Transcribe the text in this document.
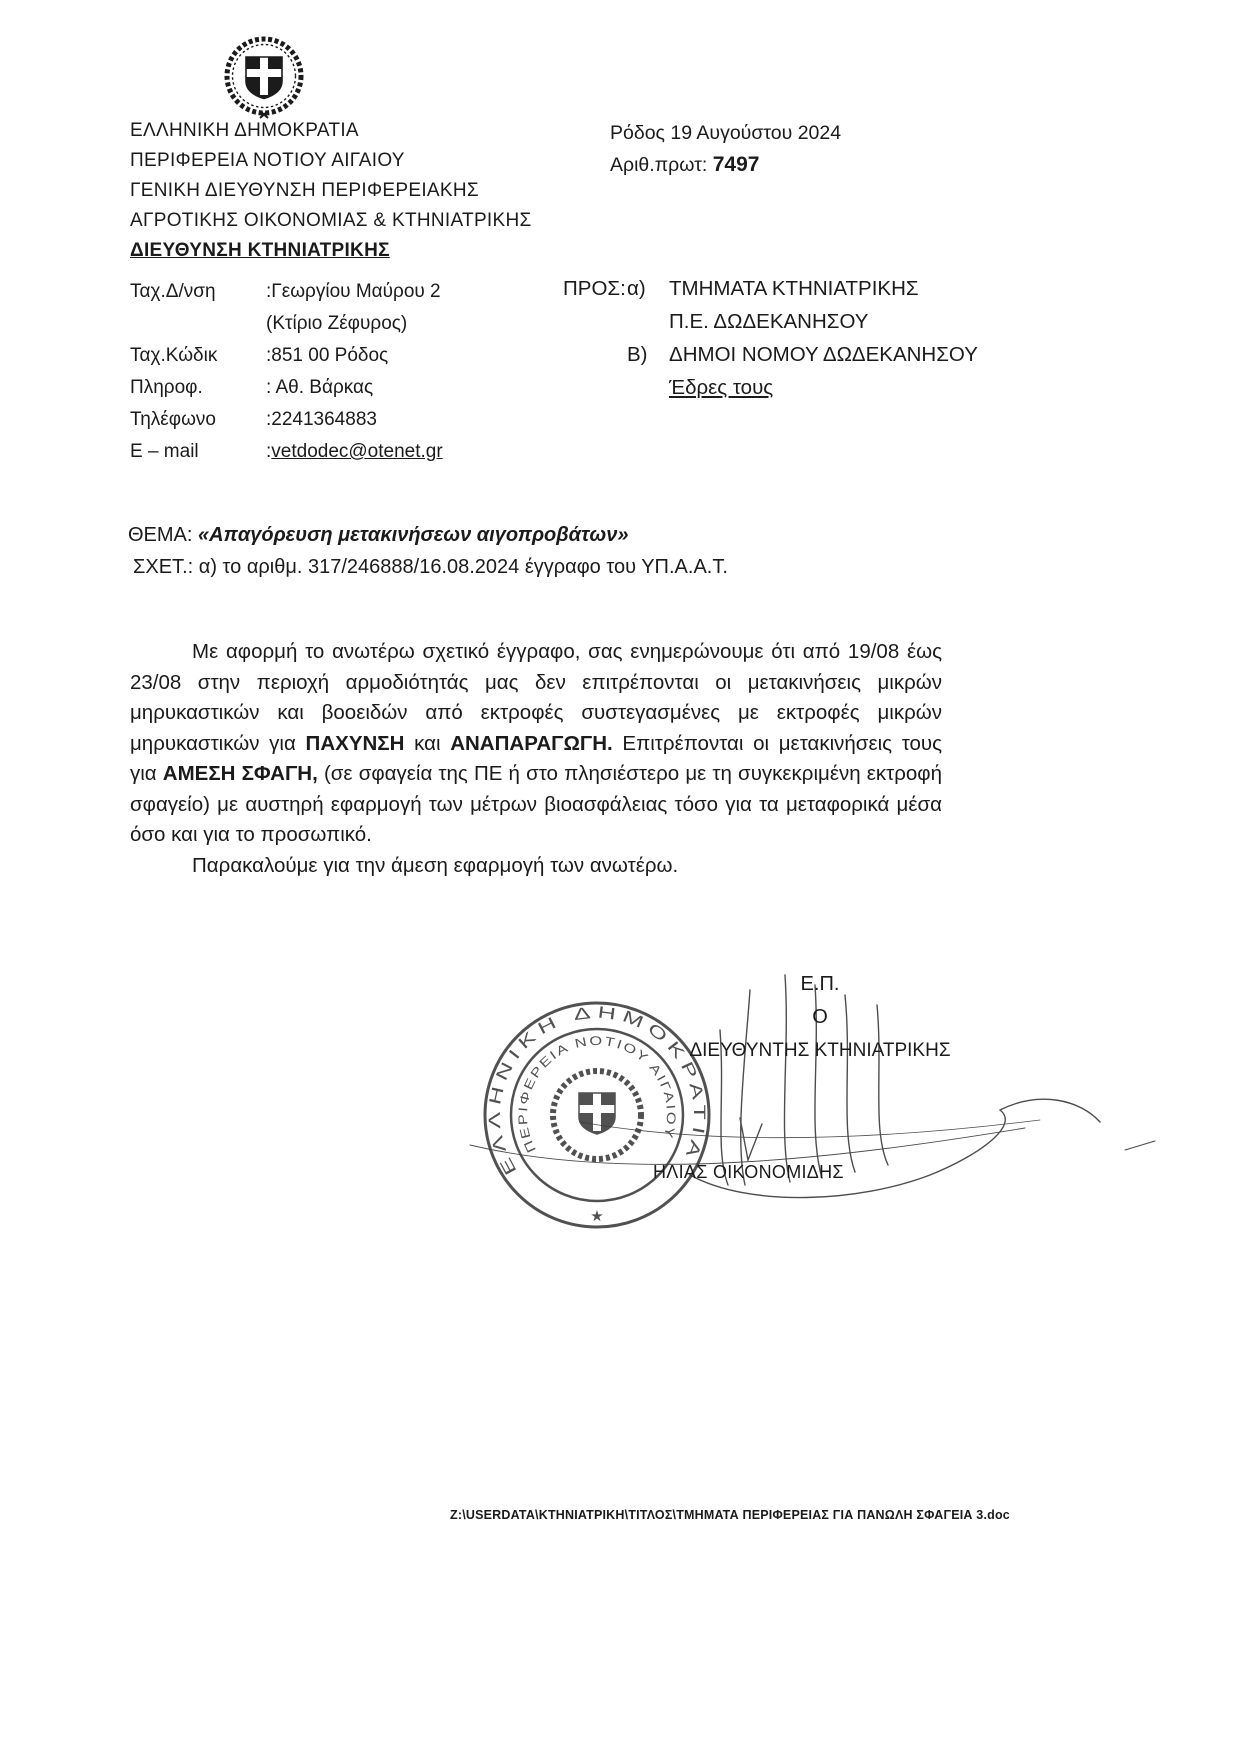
ΕΛΛΗΝΙΚΗ ΔΗΜΟΚΡΑΤΙΑ
ΠΕΡΙΦΕΡΕΙΑ ΝΟΤΙΟΥ ΑΙΓΑΙΟΥ
ΓΕΝΙΚΗ ΔΙΕΥΘΥΝΣΗ ΠΕΡΙΦΕΡΕΙΑΚΗΣ
ΑΓΡΟΤΙΚΗΣ ΟΙΚΟΝΟΜΙΑΣ & ΚΤΗΝΙΑΤΡΙΚΗΣ
ΔΙΕΥΘΥΝΣΗ ΚΤΗΝΙΑΤΡΙΚΗΣ
Ρόδος 19 Αυγούστου 2024
Αριθ.πρωτ: 7497
Ταχ.Δ/νση	:Γεωργίου Μαύρου 2
(Κτίριο Ζέφυρος)
Ταχ.Κώδικ	:851 00 Ρόδος
Πληροφ.	: Αθ. Βάρκας
Τηλέφωνο	:2241364883
E – mail	:vetdodec@otenet.gr
ΠΡΟΣ: α)	ΤΜΗΜΑΤΑ ΚΤΗΝΙΑΤΡΙΚΗΣ
Π.Ε. ΔΩΔΕΚΑΝΗΣΟΥ
Β)	ΔΗΜΟΙ ΝΟΜΟΥ ΔΩΔΕΚΑΝΗΣΟΥ
Έδρες τους
ΘΕΜΑ: «Απαγόρευση μετακινήσεων αιγοπροβάτων»
ΣΧΕΤ.: α) το αριθμ. 317/246888/16.08.2024 έγγραφο του ΥΠ.Α.Α.Τ.

Με αφορμή το ανωτέρω σχετικό έγγραφο, σας ενημερώνουμε ότι από 19/08 έως 23/08 στην περιοχή αρμοδιότητάς μας δεν επιτρέπονται οι μετακινήσεις μικρών μηρυκαστικών και βοοειδών από εκτροφές συστεγασμένες με εκτροφές μικρών μηρυκαστικών για ΠΑΧΥΝΣΗ και ΑΝΑΠΑΡΑΓΩΓΗ. Επιτρέπονται οι μετακινήσεις τους για ΑΜΕΣΗ ΣΦΑΓΗ, (σε σφαγεία της ΠΕ ή στο πλησιέστερο με τη συγκεκριμένη εκτροφή σφαγείο) με αυστηρή εφαρμογή των μέτρων βιοασφάλειας τόσο για τα μεταφορικά μέσα όσο και για το προσωπικό.

Παρακαλούμε για την άμεση εφαρμογή των ανωτέρω.

ΕΛΛΗΝΙΚΗ ΔΗΜΟΚΡΑΤΙΑ
ΠΕΡΙΦΕΡΕΙΑ ΝΟΤΙΟΥ ΑΙΓΑΙΟΥ
★
Ε.Π.
Ο
ΔΙΕΥΘΥΝΤΗΣ ΚΤΗΝΙΑΤΡΙΚΗΣ
ΗΛΙΑΣ ΟΙΚΟΝΟΜΙΔΗΣ
Z:\USERDATA\ΚΤΗΝΙΑΤΡΙΚΗ\ΤΙΤΛΟΣ\ΤΜΗΜΑΤΑ ΠΕΡΙΦΕΡΕΙΑΣ ΓΙΑ ΠΑΝΩΛΗ ΣΦΑΓΕΙΑ 3.doc
